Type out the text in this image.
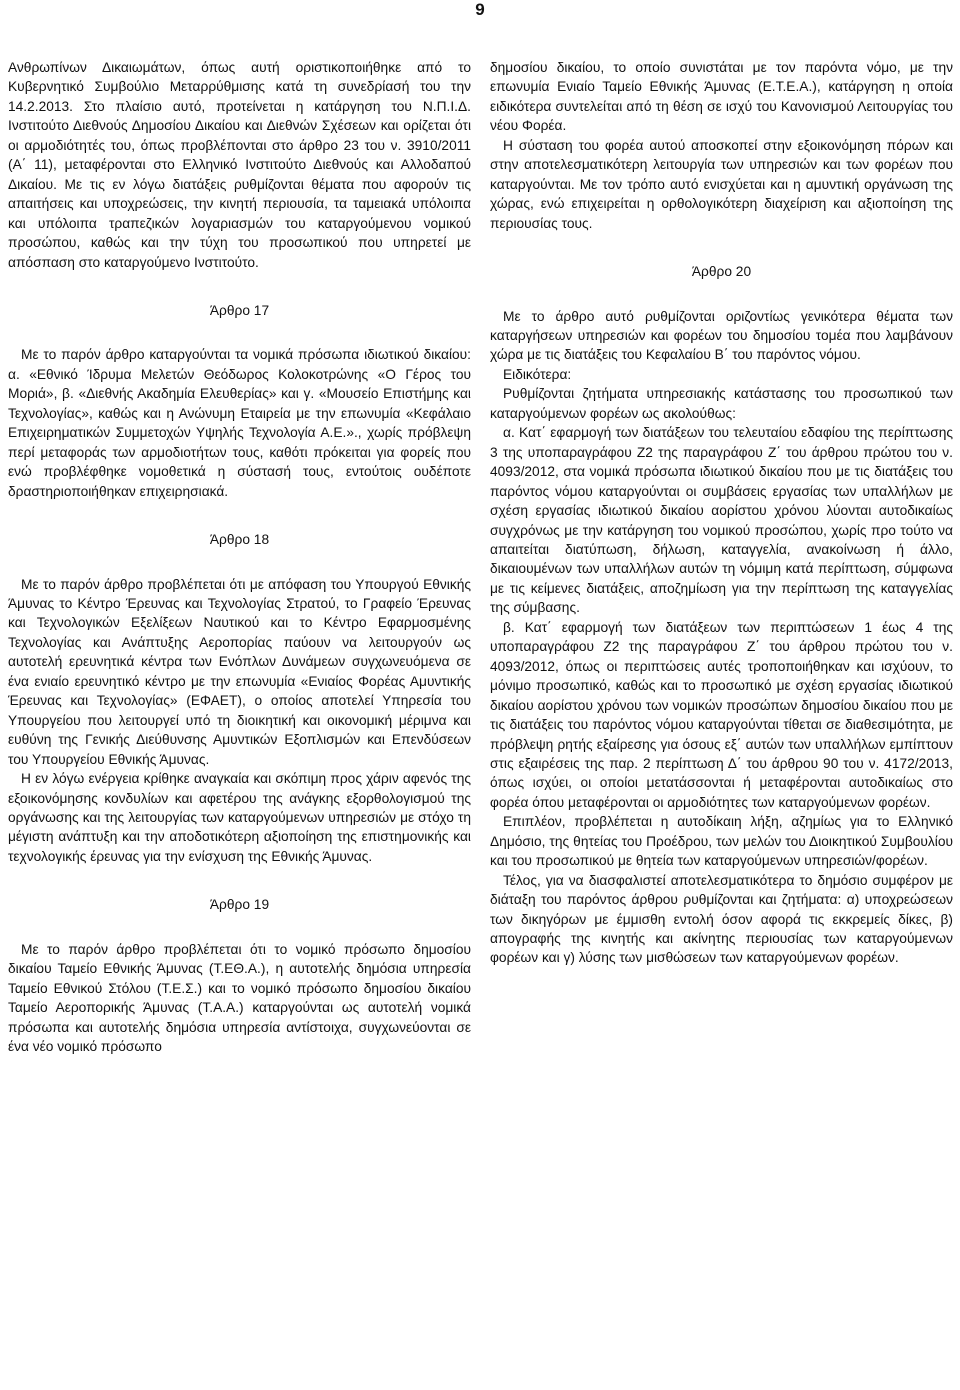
9

Ανθρωπίνων Δικαιωμάτων, όπως αυτή οριστικοποιήθηκε από το Κυβερνητικό Συμβούλιο Μεταρρύθμισης κατά τη συνεδρίασή του την 14.2.2013. Στο πλαίσιο αυτό, προτείνεται η κατάργηση του Ν.Π.Ι.Δ. Ινστιτούτο Διεθνούς Δημοσίου Δικαίου και Διεθνών Σχέσεων και ορίζεται ότι οι αρμοδιότητές του, όπως προβλέπονται στο άρθρο 23 του ν. 3910/2011 (Α΄ 11), μεταφέρονται στο Ελληνικό Ινστιτούτο Διεθνούς και Αλλοδαπού Δικαίου. Με τις εν λόγω διατάξεις ρυθμίζονται θέματα που αφορούν τις απαιτήσεις και υποχρεώσεις, την κινητή περιουσία, τα ταμειακά υπόλοιπα και υπόλοιπα τραπεζικών λογαριασμών του καταργούμενου νομικού προσώπου, καθώς και την τύχη του προσωπικού που υπηρετεί με απόσπαση στο καταργούμενο Ινστιτούτο.

Άρθρο 17

Με το παρόν άρθρο καταργούνται τα νομικά πρόσωπα ιδιωτικού δικαίου: α. «Εθνικό Ίδρυμα Μελετών Θεόδωρος Κολοκοτρώνης «Ο Γέρος του Μοριά», β. «Διεθνής Ακαδημία Ελευθερίας» και γ. «Μουσείο Επιστήμης και Τεχνολογίας», καθώς και η Ανώνυμη Εταιρεία με την επωνυμία «Κεφάλαιο Επιχειρηματικών Συμμετοχών Υψηλής Τεχνολογία Α.Ε.»., χωρίς πρόβλεψη περί μεταφοράς των αρμοδιοτήτων τους, καθότι πρόκειται για φορείς που ενώ προβλέφθηκε νομοθετικά η σύστασή τους, εντούτοις ουδέποτε δραστηριοποιήθηκαν επιχειρησιακά.

Άρθρο 18

Με το παρόν άρθρο προβλέπεται ότι με απόφαση του Υπουργού Εθνικής Άμυνας το Κέντρο Έρευνας και Τεχνολογίας Στρατού, το Γραφείο Έρευνας και Τεχνολογικών Εξελίξεων Ναυτικού και το Κέντρο Εφαρμοσμένης Τεχνολογίας και Ανάπτυξης Αεροπορίας παύουν να λειτουργούν ως αυτοτελή ερευνητικά κέντρα των Ενόπλων Δυνάμεων συγχωνευόμενα σε ένα ενιαίο ερευνητικό κέντρο με την επωνυμία «Ενιαίος Φορέας Αμυντικής Έρευνας και Τεχνολογίας» (ΕΦΑΕΤ), ο οποίος αποτελεί Υπηρεσία του Υπουργείου που λειτουργεί υπό τη διοικητική και οικονομική μέριμνα και ευθύνη της Γενικής Διεύθυνσης Αμυντικών Εξοπλισμών και Επενδύσεων του Υπουργείου Εθνικής Άμυνας.

Η εν λόγω ενέργεια κρίθηκε αναγκαία και σκόπιμη προς χάριν αφενός της εξοικονόμησης κονδυλίων και αφετέρου της ανάγκης εξορθολογισμού της οργάνωσης και της λειτουργίας των καταργούμενων υπηρεσιών με στόχο τη μέγιστη ανάπτυξη και την αποδοτικότερη αξιοποίηση της επιστημονικής και τεχνολογικής έρευνας για την ενίσχυση της Εθνικής Άμυνας.

Άρθρο 19

Με το παρόν άρθρο προβλέπεται ότι το νομικό πρόσωπο δημοσίου δικαίου Ταμείο Εθνικής Άμυνας (Τ.ΕΘ.Α.), η αυτοτελής δημόσια υπηρεσία Ταμείο Εθνικού Στόλου (Τ.Ε.Σ.) και το νομικό πρόσωπο δημοσίου δικαίου Ταμείο Αεροπορικής Άμυνας (Τ.Α.Α.) καταργούνται ως αυτοτελή νομικά πρόσωπα και αυτοτελής δημόσια υπηρεσία αντίστοιχα, συγχωνεύονται σε ένα νέο νομικό πρόσωπο

δημοσίου δικαίου, το οποίο συνιστάται με τον παρόντα νόμο, με την επωνυμία Ενιαίο Ταμείο Εθνικής Άμυνας (Ε.Τ.Ε.Α.), κατάργηση η οποία ειδικότερα συντελείται από τη θέση σε ισχύ του Κανονισμού Λειτουργίας του νέου Φορέα.

Η σύσταση του φορέα αυτού αποσκοπεί στην εξοικονόμηση πόρων και στην αποτελεσματικότερη λειτουργία των υπηρεσιών και των φορέων που καταργούνται. Με τον τρόπο αυτό ενισχύεται και η αμυντική οργάνωση της χώρας, ενώ επιχειρείται η ορθολογικότερη διαχείριση και αξιοποίηση της περιουσίας τους.

Άρθρο 20

Με το άρθρο αυτό ρυθμίζονται οριζοντίως γενικότερα θέματα των καταργήσεων υπηρεσιών και φορέων του δημοσίου τομέα που λαμβάνουν χώρα με τις διατάξεις του Κεφαλαίου Β΄ του παρόντος νόμου.

Ειδικότερα:

Ρυθμίζονται ζητήματα υπηρεσιακής κατάστασης του προσωπικού των καταργούμενων φορέων ως ακολούθως:

α. Κατ΄ εφαρμογή των διατάξεων του τελευταίου εδαφίου της περίπτωσης 3 της υποπαραγράφου Ζ2 της παραγράφου Ζ΄ του άρθρου πρώτου του ν. 4093/2012, στα νομικά πρόσωπα ιδιωτικού δικαίου που με τις διατάξεις του παρόντος νόμου καταργούνται οι συμβάσεις εργασίας των υπαλλήλων με σχέση εργασίας ιδιωτικού δικαίου αορίστου χρόνου λύονται αυτοδικαίως συγχρόνως με την κατάργηση του νομικού προσώπου, χωρίς προ τούτο να απαιτείται διατύπωση, δήλωση, καταγγελία, ανακοίνωση ή άλλο, δικαιουμένων των υπαλλήλων αυτών τη νόμιμη κατά περίπτωση, σύμφωνα με τις κείμενες διατάξεις, αποζημίωση για την περίπτωση της καταγγελίας της σύμβασης.

β. Κατ΄ εφαρμογή των διατάξεων των περιπτώσεων 1 έως 4 της υποπαραγράφου Ζ2 της παραγράφου Ζ΄ του άρθρου πρώτου του ν. 4093/2012, όπως οι περιπτώσεις αυτές τροποποιήθηκαν και ισχύουν, το μόνιμο προσωπικό, καθώς και το προσωπικό με σχέση εργασίας ιδιωτικού δικαίου αορίστου χρόνου των νομικών προσώπων δημοσίου δικαίου που με τις διατάξεις του παρόντος νόμου καταργούνται τίθεται σε διαθεσιμότητα, με πρόβλεψη ρητής εξαίρεσης για όσους εξ΄ αυτών των υπαλλήλων εμπίπτουν στις εξαιρέσεις της παρ. 2 περίπτωση Δ΄ του άρθρου 90 του ν. 4172/2013, όπως ισχύει, οι οποίοι μετατάσσονται ή μεταφέρονται αυτοδικαίως στο φορέα όπου μεταφέρονται οι αρμοδιότητες των καταργούμενων φορέων.

Επιπλέον, προβλέπεται η αυτοδίκαιη λήξη, αζημίως για το Ελληνικό Δημόσιο, της θητείας του Προέδρου, των μελών του Διοικητικού Συμβουλίου και του προσωπικού με θητεία των καταργούμενων υπηρεσιών/φορέων.

Τέλος, για να διασφαλιστεί αποτελεσματικότερα το δημόσιο συμφέρον με διάταξη του παρόντος άρθρου ρυθμίζονται και ζητήματα: α) υποχρεώσεων των δικηγόρων με έμμισθη εντολή όσον αφορά τις εκκρεμείς δίκες, β) απογραφής της κινητής και ακίνητης περιουσίας των καταργούμενων φορέων και γ) λύσης των μισθώσεων των καταργούμενων φορέων.
